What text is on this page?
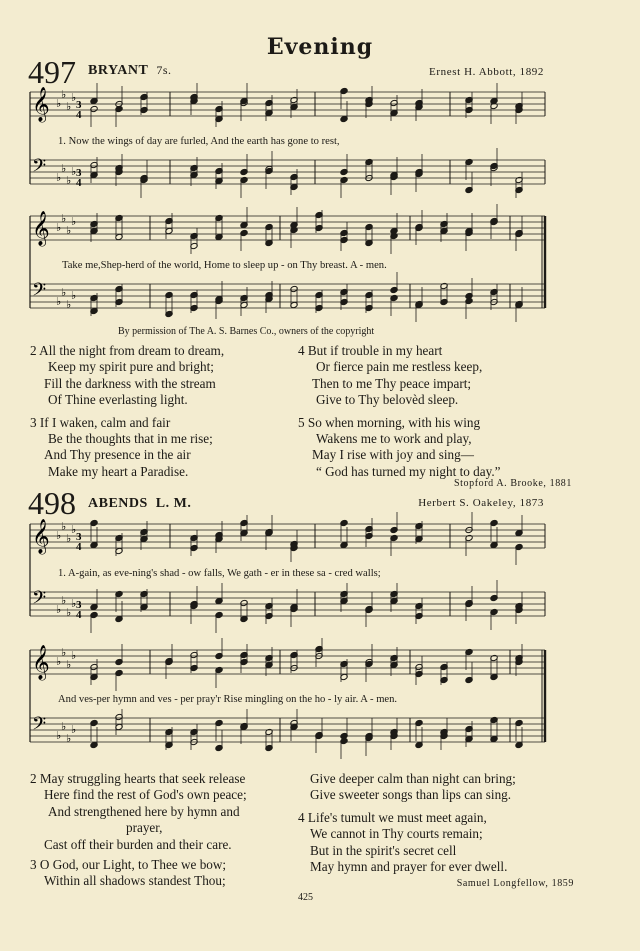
Evening
497 BRYANT 7s.	Ernest H. Abbott, 1892
𝄞 ♭
♭
♭
♭
𝄢 ♭
♭
♭
♭
3
4
3
4
1. Now the wings of day are furled, And the earth has gone to rest,
𝄞 ♭
♭
♭
♭
𝄢 ♭
♭
♭
♭
Take me,Shep-herd of the world, Home to sleep up - on Thy breast. A - men.
By permission of The A. S. Barnes Co., owners of the copyright
2 All the night from dream to dream,
Keep my spirit pure and bright;
Fill the darkness with the stream
Of Thine everlasting light.
3 If I waken, calm and fair
Be the thoughts that in me rise;
And Thy presence in the air
Make my heart a Paradise.
4 But if trouble in my heart
Or fierce pain me restless keep,
Then to me Thy peace impart;
Give to Thy belovèd sleep.
5 So when morning, with his wing
Wakens me to work and play,
May I rise with joy and sing—
“ God has turned my night to day.”
Stopford A. Brooke, 1881
498 ABENDS L. M.	Herbert S. Oakeley, 1873
𝄞 ♭
♭
♭
♭
𝄢 ♭
♭
♭
♭
3
4
3
4
1. A-gain, as eve-ning's shad - ow falls, We gath - er in these sa - cred walls;
𝄞 ♭
♭
♭
♭
𝄢 ♭
♭
♭
♭
And ves-per hymn and ves - per pray'r Rise mingling on the ho - ly air. A - men.
2 May struggling hearts that seek release
Here find the rest of God's own peace;
And strengthened here by hymn and
prayer,
Cast off their burden and their care.
3 O God, our Light, to Thee we bow;
Within all shadows standest Thou;
Give deeper calm than night can bring;
Give sweeter songs than lips can sing.
4 Life's tumult we must meet again,
We cannot in Thy courts remain;
But in the spirit's secret cell
May hymn and prayer for ever dwell.
Samuel Longfellow, 1859
425
